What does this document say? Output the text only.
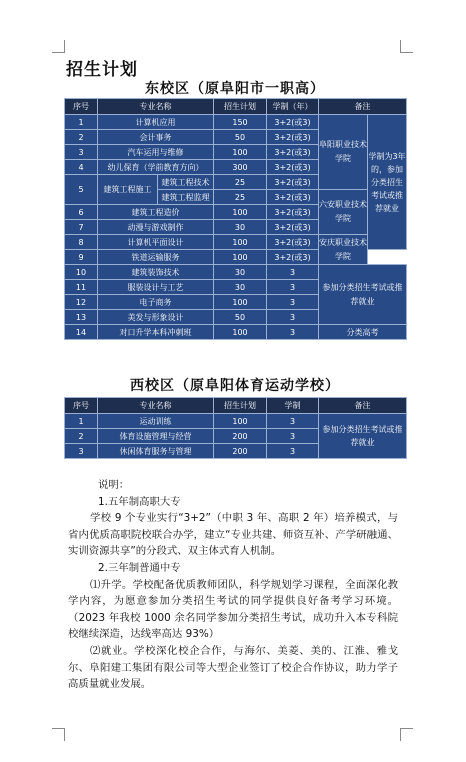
招生计划
东校区（原阜阳市一职高）
序号	专业名称		招生计划	学制（年）	备注	
1	计算机应用		150	3+2(或3)	阜阳职业技术学院	学制为3年的，参加分类招生考试或推荐就业
2	会计事务		50	3+2(或3)		
3	汽车运用与维修		100	3+2(或3)		
4	幼儿保育（学前教育方向）		300	3+2(或3)		
5	建筑工程施工	建筑工程技术	25	3+2(或3)		
		建筑工程监理	25	3+2(或3)	六安职业技术学院	
6	建筑工程造价		100	3+2(或3)		
7	动漫与游戏制作		30	3+2(或3)		
8	计算机平面设计		100	3+2(或3)	安庆职业技术学院	
9	铁道运输服务		100	3+2(或3)		
10	建筑装饰技术		30	3	参加分类招生考试或推荐就业	
11	服装设计与工艺		30	3		
12	电子商务		100	3		
13	美发与形象设计		50	3		
14	对口升学本科冲刺班		100	3	分类高考	
西校区（原阜阳体育运动学校）
序号	专业名称	招生计划	学制	备注
1	运动训练	100	3	参加分类招生考试或推荐就业
2	体育设施管理与经营	200	3	
3	休闲体育服务与管理	200	3	

说明：

1.五年制高职大专

学校 9 个专业实行“3+2”（中职 3 年、高职 2 年）培养模式，与省内优质高职院校联合办学，建立“专业共建、师资互补、产学研融通、实训资源共享”的分段式、双主体式育人机制。

2.三年制普通中专

⑴升学。学校配备优质教师团队，科学规划学习课程，全面深化教学内容，为愿意参加分类招生考试的同学提供良好备考学习环境。（2023 年我校 1000 余名同学参加分类招生考试，成功升入本专科院校继续深造，达线率高达 93%）

⑵就业。学校深化校企合作，与海尔、美菱、美的、江淮、雅戈尔、阜阳建工集团有限公司等大型企业签订了校企合作协议，助力学子高质量就业发展。
